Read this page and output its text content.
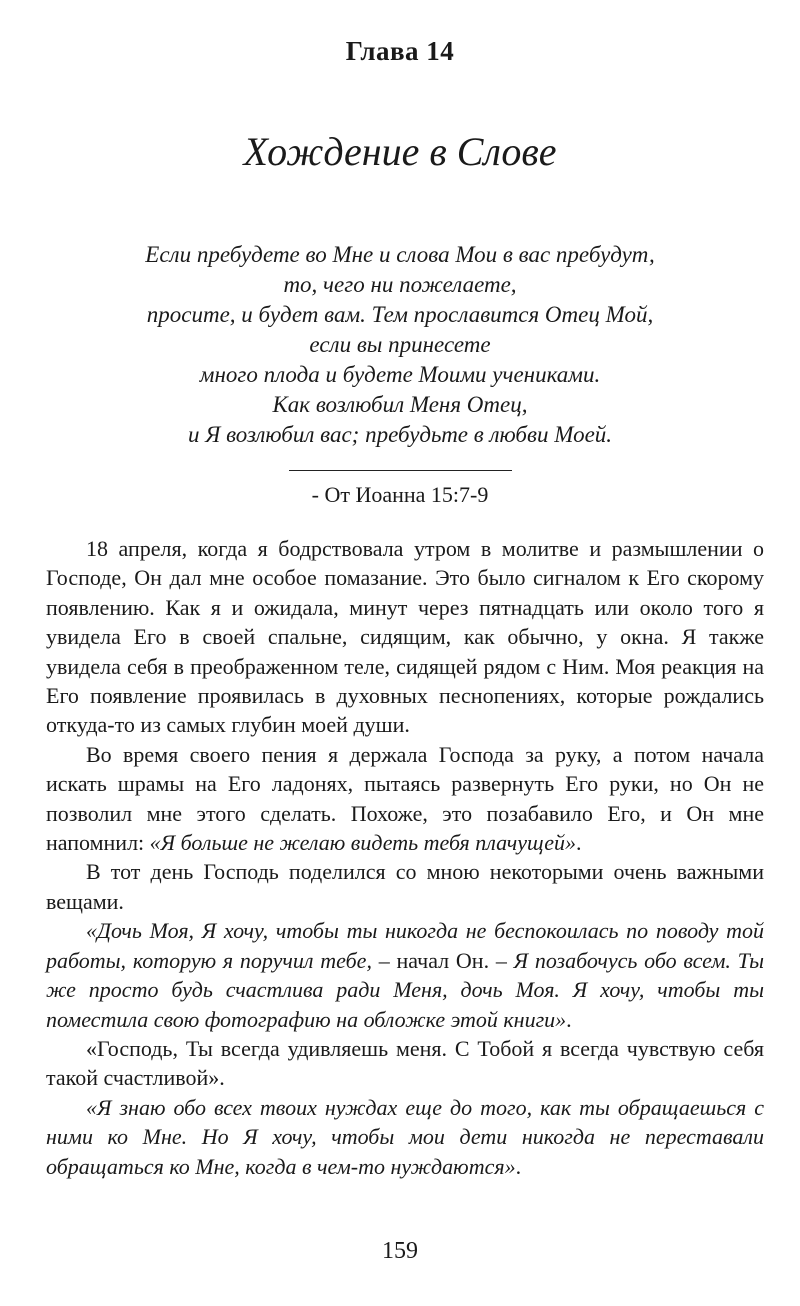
Глава 14
Хождение в Слове
Если пребудете во Мне и слова Мои в вас пребудут,
то, чего ни пожелаете,
просите, и будет вам. Тем прославится Отец Мой,
если вы принесете
много плода и будете Моими учениками.
Как возлюбил Меня Отец,
и Я возлюбил вас; пребудьте в любви Моей.
- От Иоанна 15:7-9

18 апреля, когда я бодрствовала утром в молитве и размышлении о Господе, Он дал мне особое помазание. Это было сигналом к Его скорому появлению. Как я и ожидала, минут через пятнадцать или около того я увидела Его в своей спальне, сидящим, как обычно, у окна. Я также увидела себя в преображенном теле, сидящей рядом с Ним. Моя реакция на Его появление проявилась в духовных песнопениях, которые рождались откуда-то из самых глубин моей души.

Во время своего пения я держала Господа за руку, а потом начала искать шрамы на Его ладонях, пытаясь развернуть Его руки, но Он не позволил мне этого сделать. Похоже, это позабавило Его, и Он мне напомнил: «Я больше не желаю видеть тебя плачущей».

В тот день Господь поделился со мною некоторыми очень важными вещами.

«Дочь Моя, Я хочу, чтобы ты никогда не беспокоилась по поводу той работы, которую я поручил тебе, – начал Он. – Я позабочусь обо всем. Ты же просто будь счастлива ради Меня, дочь Моя. Я хочу, чтобы ты поместила свою фотографию на обложке этой книги».

«Господь, Ты всегда удивляешь меня. С Тобой я всегда чувствую себя такой счастливой».

«Я знаю обо всех твоих нуждах еще до того, как ты обращаешься с ними ко Мне. Но Я хочу, чтобы мои дети никогда не переставали обращаться ко Мне, когда в чем-то нуждаются».

159
